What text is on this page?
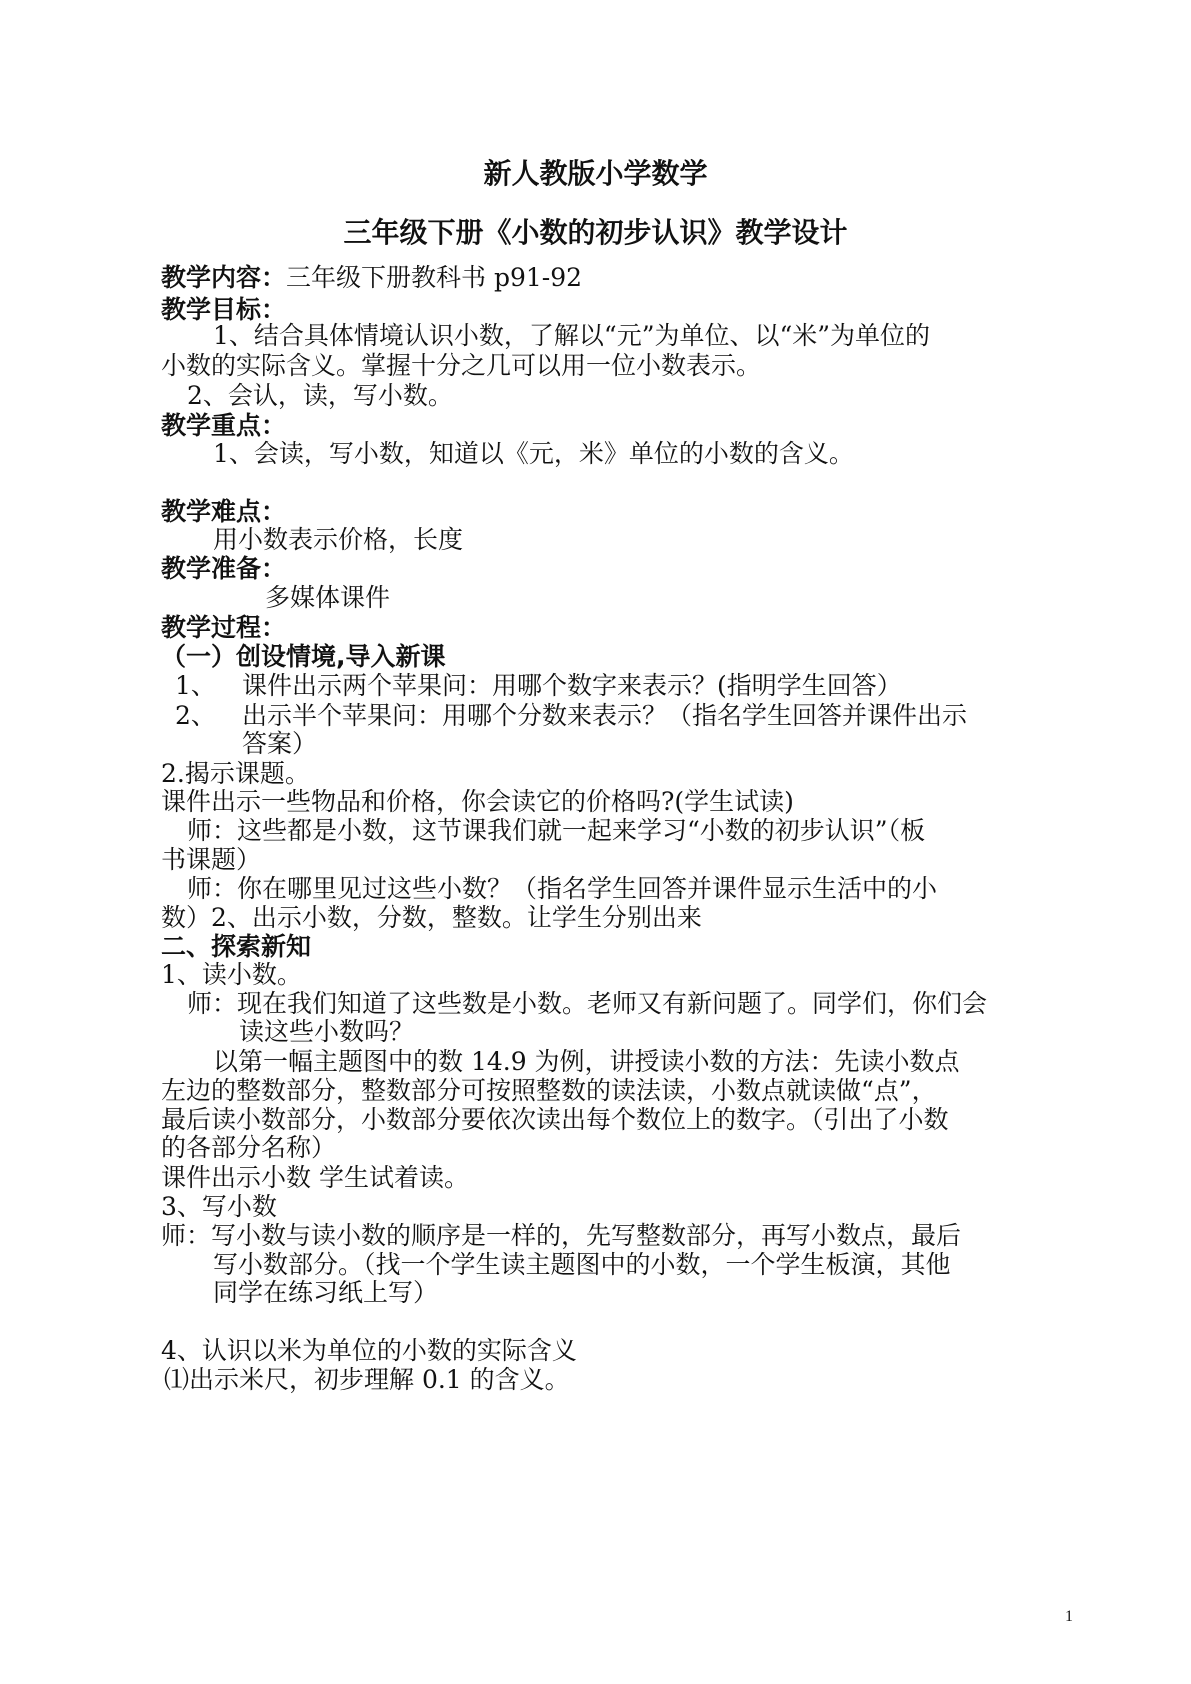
新人教版小学数学
三年级下册《小数的初步认识》教学设计
教学内容：三年级下册教科书 p91-92
教学目标：
1、结合具体情境认识小数，了解以“元”为单位、以“米”为单位的
小数的实际含义。掌握十分之几可以用一位小数表示。
2、会认，读，写小数。
教学重点：
1、会读，写小数，知道以《元，米》单位的小数的含义。
教学难点：
用小数表示价格，长度
教学准备：
多媒体课件
教学过程：
（一）创设情境,导入新课
1、 课件出示两个苹果问：用哪个数字来表示？(指明学生回答）
2、 出示半个苹果问：用哪个分数来表示？（指名学生回答并课件出示
答案）
2.揭示课题。
课件出示一些物品和价格，你会读它的价格吗?(学生试读)
师：这些都是小数，这节课我们就一起来学习“小数的初步认识”（板
书课题）
师：你在哪里见过这些小数？（指名学生回答并课件显示生活中的小
数）2、出示小数，分数，整数。让学生分别出来
二、探索新知
1、读小数。
师：现在我们知道了这些数是小数。老师又有新问题了。同学们，你们会
读这些小数吗？
以第一幅主题图中的数 14.9 为例，讲授读小数的方法：先读小数点
左边的整数部分，整数部分可按照整数的读法读，小数点就读做“点”，
最后读小数部分，小数部分要依次读出每个数位上的数字。（引出了小数
的各部分名称）
课件出示小数 学生试着读。
3、写小数
师：写小数与读小数的顺序是一样的，先写整数部分，再写小数点，最后
写小数部分。（找一个学生读主题图中的小数，一个学生板演，其他
同学在练习纸上写）
4、认识以米为单位的小数的实际含义
⑴出示米尺，初步理解 0.1 的含义。
1
